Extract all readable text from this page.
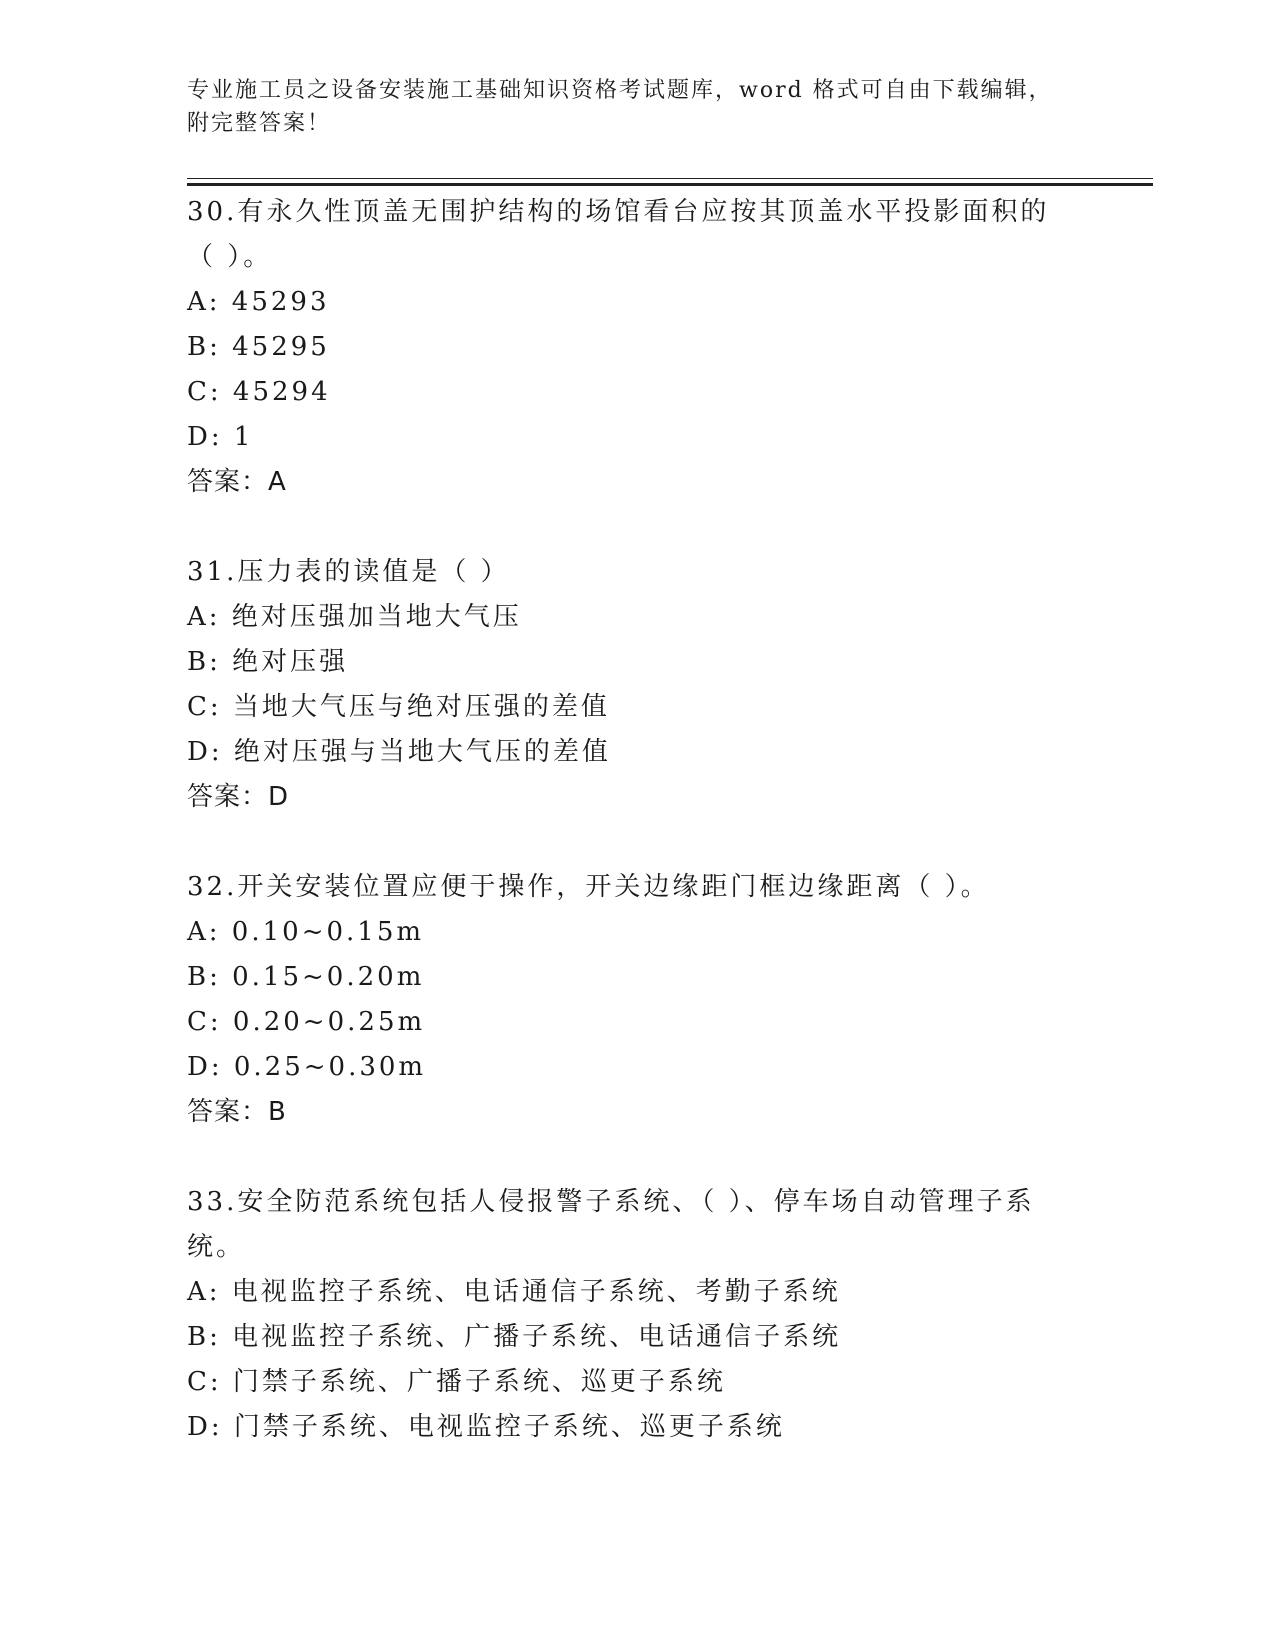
专业施工员之设备安装施工基础知识资格考试题库，word 格式可自由下载编辑，
附完整答案！

30.有永久性顶盖无围护结构的场馆看台应按其顶盖水平投影面积的（ ）。

A: 45293

B: 45295

C: 45294

D: 1

答案：A

31.压力表的读值是（ ）

A: 绝对压强加当地大气压

B: 绝对压强

C: 当地大气压与绝对压强的差值

D: 绝对压强与当地大气压的差值

答案：D

32.开关安装位置应便于操作，开关边缘距门框边缘距离（ ）。

A: 0.10~0.15m

B: 0.15~0.20m

C: 0.20~0.25m

D: 0.25~0.30m

答案：B

33.安全防范系统包括人侵报警子系统、（ ）、停车场自动管理子系统。

A: 电视监控子系统、电话通信子系统、考勤子系统

B: 电视监控子系统、广播子系统、电话通信子系统

C: 门禁子系统、广播子系统、巡更子系统

D: 门禁子系统、电视监控子系统、巡更子系统
